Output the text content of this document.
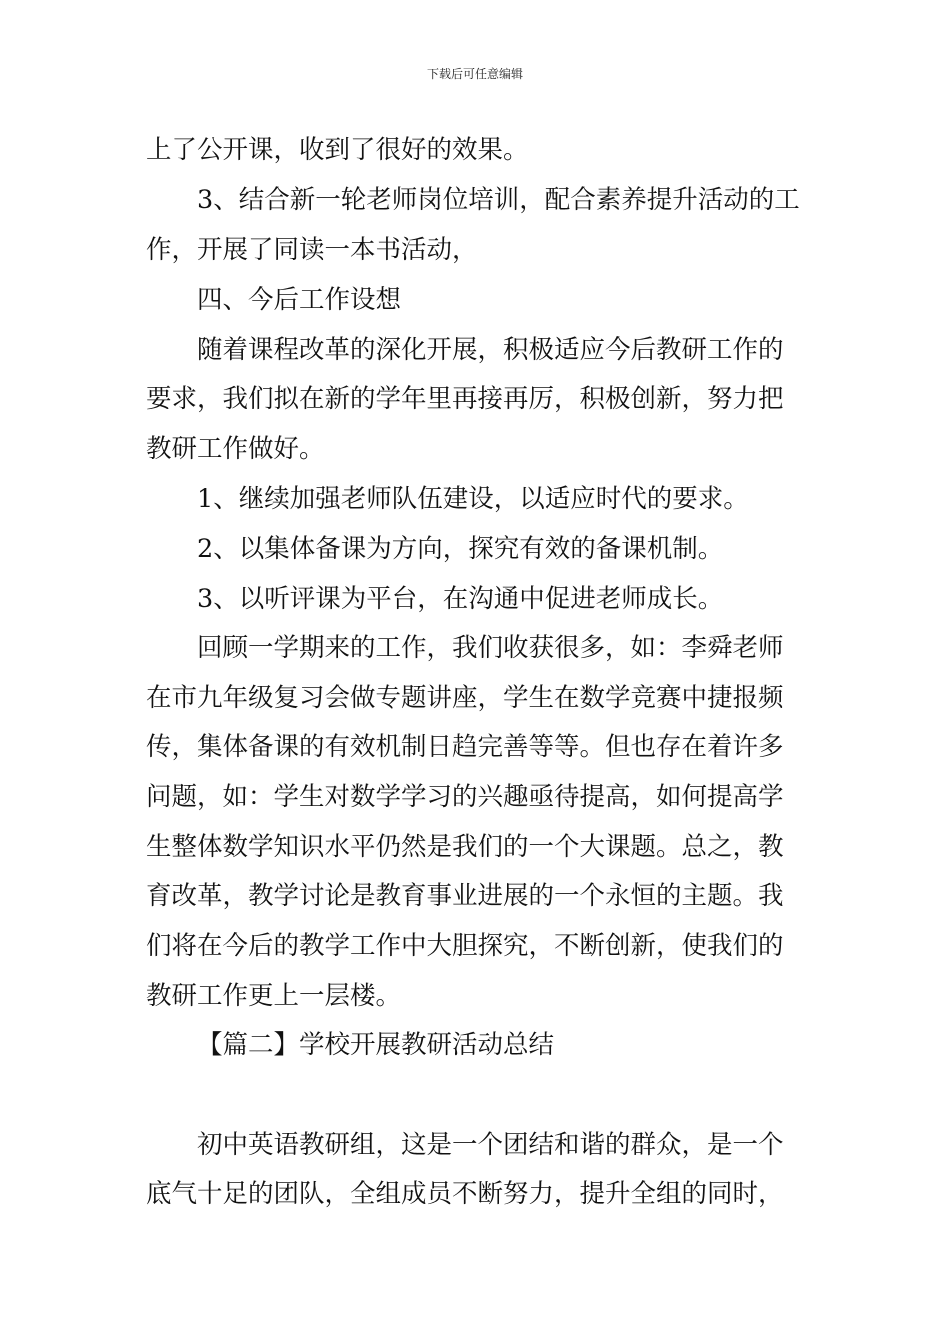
下载后可任意编辑
上了公开课，收到了很好的效果。
3、结合新一轮老师岗位培训，配合素养提升活动的工
作，开展了同读一本书活动，
四、今后工作设想
随着课程改革的深化开展，积极适应今后教研工作的
要求，我们拟在新的学年里再接再厉，积极创新，努力把
教研工作做好。
1、继续加强老师队伍建设，以适应时代的要求。
2、以集体备课为方向，探究有效的备课机制。
3、以听评课为平台，在沟通中促进老师成长。
回顾一学期来的工作，我们收获很多，如：李舜老师
在市九年级复习会做专题讲座，学生在数学竞赛中捷报频
传，集体备课的有效机制日趋完善等等。但也存在着许多
问题，如：学生对数学学习的兴趣亟待提高，如何提高学
生整体数学知识水平仍然是我们的一个大课题。总之，教
育改革，教学讨论是教育事业进展的一个永恒的主题。我
们将在今后的教学工作中大胆探究，不断创新，使我们的
教研工作更上一层楼。
【篇二】学校开展教研活动总结
初中英语教研组，这是一个团结和谐的群众，是一个
底气十足的团队，全组成员不断努力，提升全组的同时，
